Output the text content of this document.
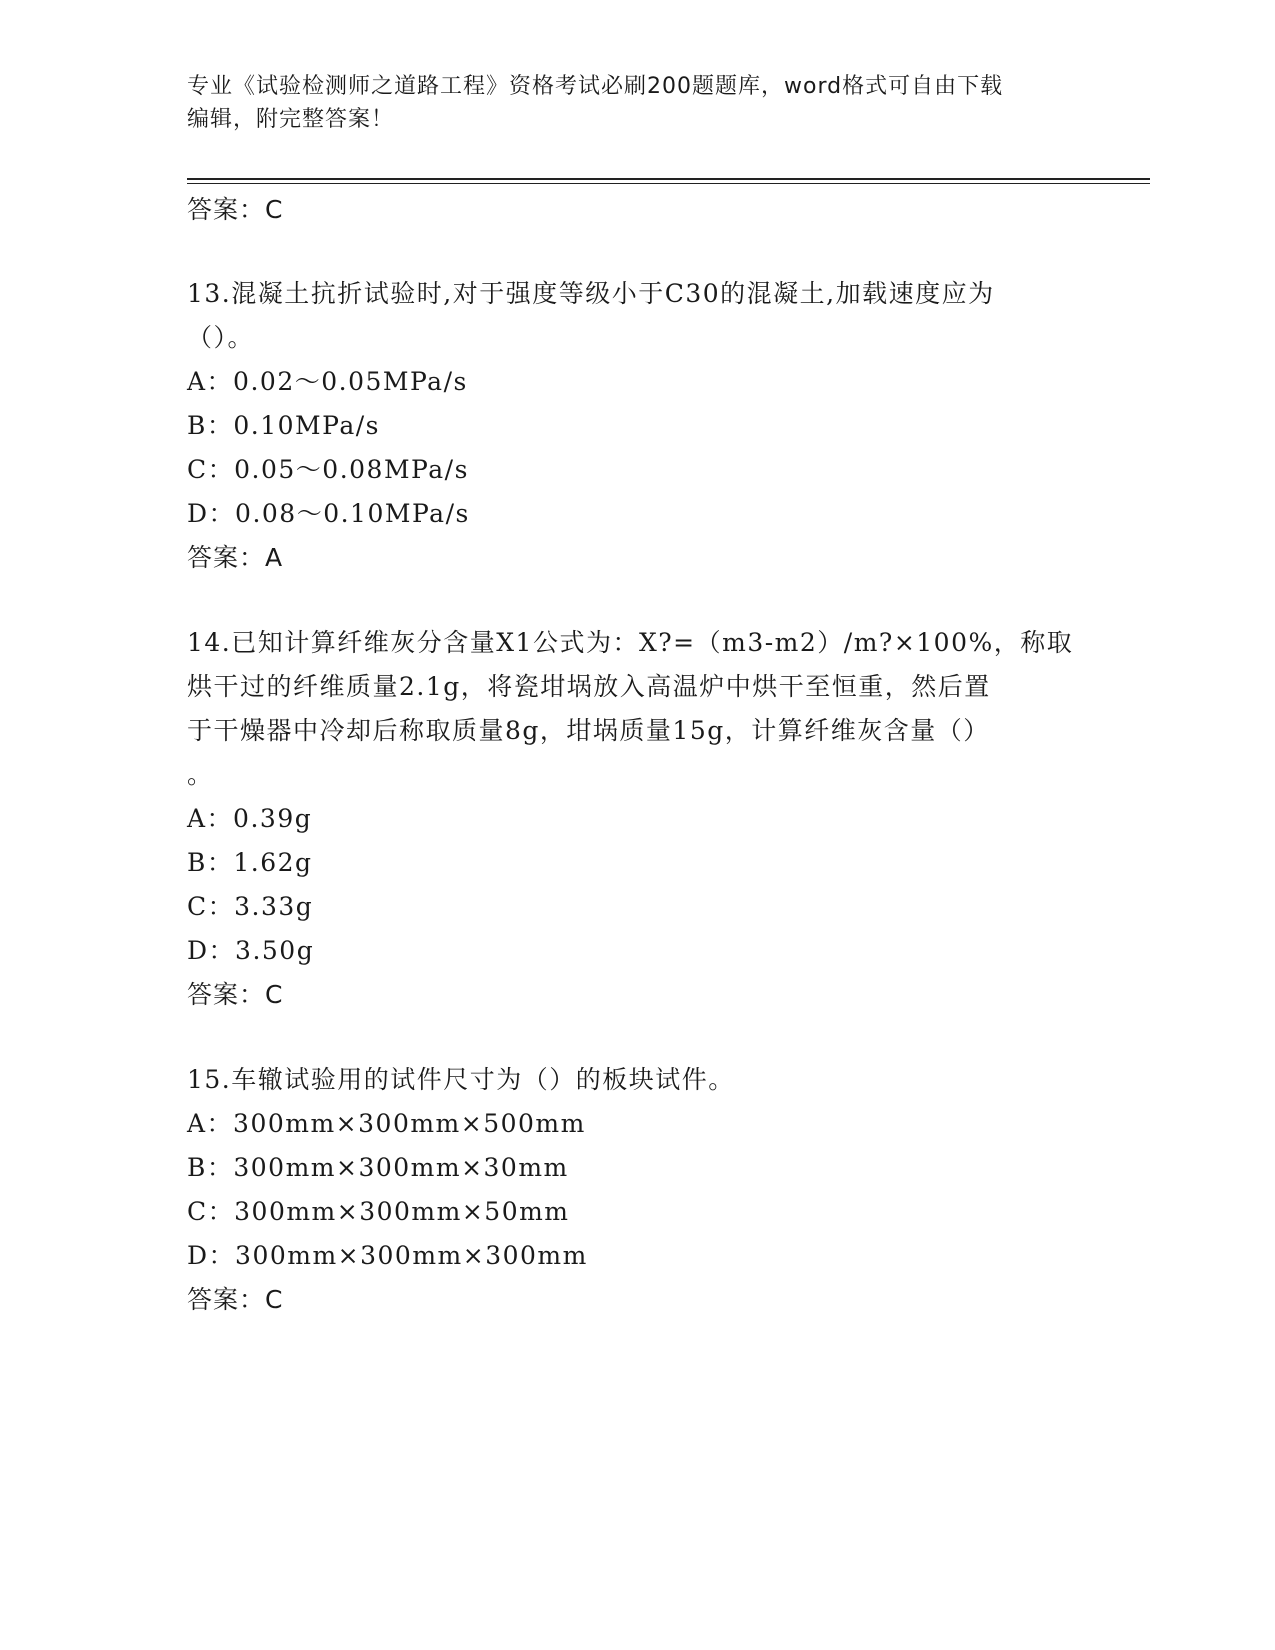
专业《试验检测师之道路工程》资格考试必刷200题题库，word格式可自由下载
编辑，附完整答案！
答案：C
13.混凝土抗折试验时,对于强度等级小于C30的混凝土,加载速度应为
（）。
A：0.02～0.05MPa/s
B：0.10MPa/s
C：0.05～0.08MPa/s
D：0.08～0.10MPa/s
答案：A
14.已知计算纤维灰分含量X1公式为：X?=（m3-m2）/m?×100%，称取
烘干过的纤维质量2.1g，将瓷坩埚放入高温炉中烘干至恒重，然后置
于干燥器中冷却后称取质量8g，坩埚质量15g，计算纤维灰含量（）
。
A：0.39g
B：1.62g
C：3.33g
D：3.50g
答案：C
15.车辙试验用的试件尺寸为（）的板块试件。
A：300mm×300mm×500mm
B：300mm×300mm×30mm
C：300mm×300mm×50mm
D：300mm×300mm×300mm
答案：C
